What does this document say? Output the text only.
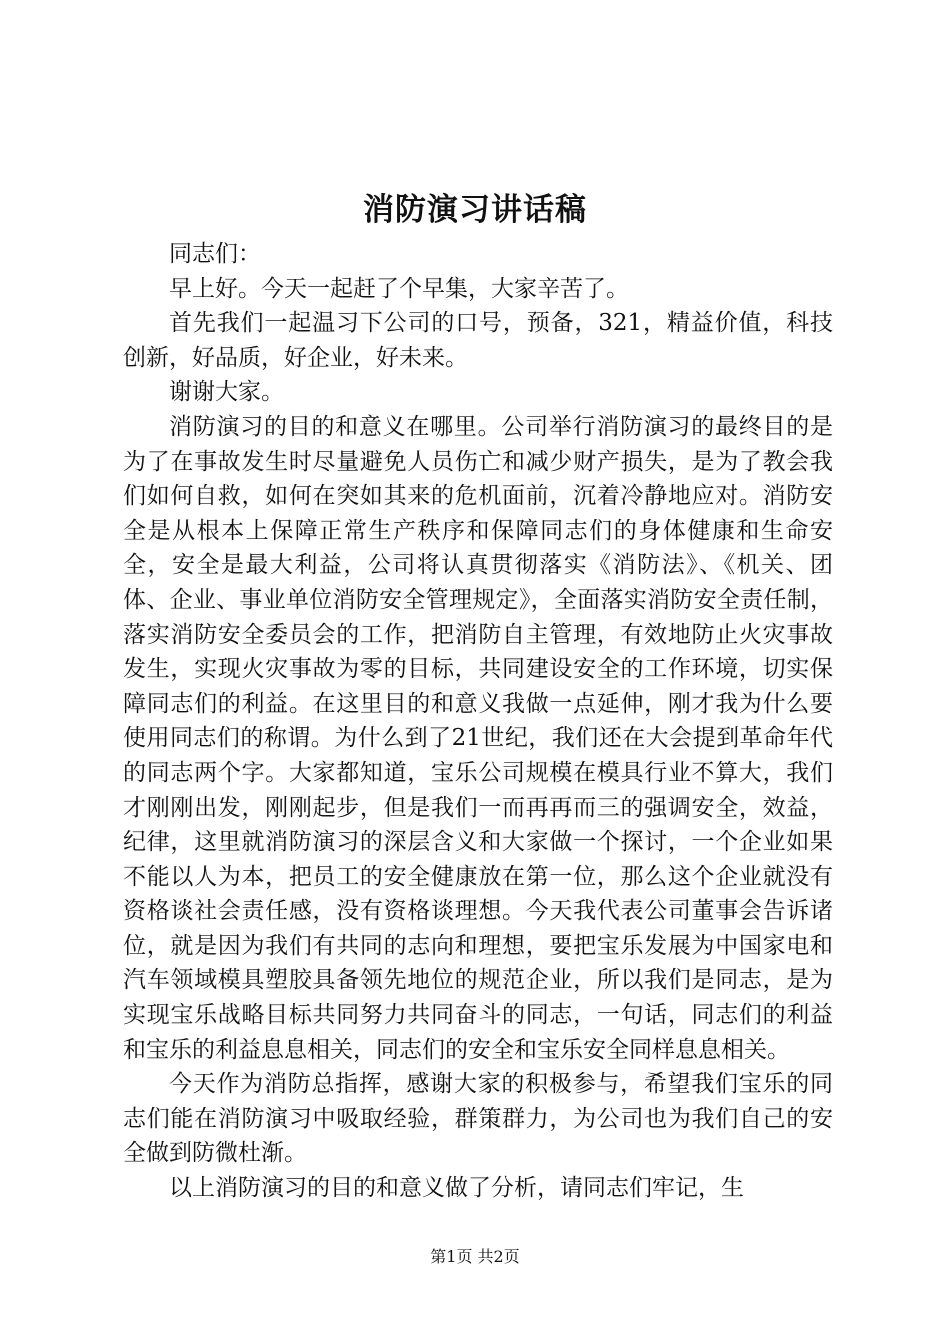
消防演习讲话稿

同志们：

早上好。今天一起赶了个早集，大家辛苦了。

首先我们一起温习下公司的口号，预备，321，精益价值，科技创新，好品质，好企业，好未来。

谢谢大家。

消防演习的目的和意义在哪里。公司举行消防演习的最终目的是为了在事故发生时尽量避免人员伤亡和减少财产损失，是为了教会我们如何自救，如何在突如其来的危机面前，沉着冷静地应对。消防安全是从根本上保障正常生产秩序和保障同志们的身体健康和生命安全，安全是最大利益，公司将认真贯彻落实《消防法》、《机关、团体、企业、事业单位消防安全管理规定》，全面落实消防安全责任制，落实消防安全委员会的工作，把消防自主管理，有效地防止火灾事故发生，实现火灾事故为零的目标，共同建设安全的工作环境，切实保障同志们的利益。在这里目的和意义我做一点延伸，刚才我为什么要使用同志们的称谓。为什么到了21世纪，我们还在大会提到革命年代的同志两个字。大家都知道，宝乐公司规模在模具行业不算大，我们才刚刚出发，刚刚起步，但是我们一而再再而三的强调安全，效益，纪律，这里就消防演习的深层含义和大家做一个探讨，一个企业如果不能以人为本，把员工的安全健康放在第一位，那么这个企业就没有资格谈社会责任感，没有资格谈理想。今天我代表公司董事会告诉诸位，就是因为我们有共同的志向和理想，要把宝乐发展为中国家电和汽车领域模具塑胶具备领先地位的规范企业，所以我们是同志，是为实现宝乐战略目标共同努力共同奋斗的同志，一句话，同志们的利益和宝乐的利益息息相关，同志们的安全和宝乐安全同样息息相关。

今天作为消防总指挥，感谢大家的积极参与，希望我们宝乐的同志们能在消防演习中吸取经验，群策群力，为公司也为我们自己的安全做到防微杜渐。

以上消防演习的目的和意义做了分析，请同志们牢记，生

第1页 共2页
